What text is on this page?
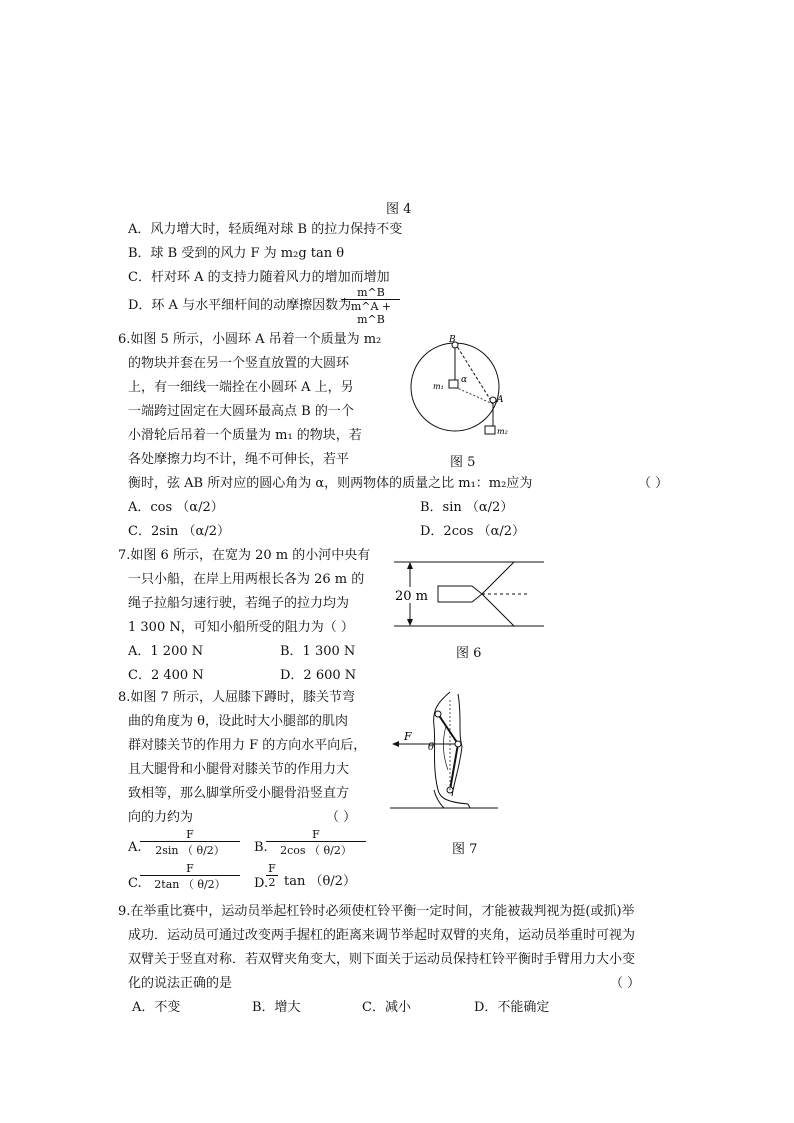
图 4
A．风力增大时，轻质绳对球 B 的拉力保持不变
B．球 B 受到的风力 F 为 m₂g tan θ
C．杆对环 A 的支持力随着风力的增加而增加
D．环 A 与水平细杆间的动摩擦因数为
$\frac{m\^{}B}{m\^{}A + m\^{}B}$
6.如图 5 所示，小圆环 A 吊着一个质量为 m₂
的物块并套在另一个竖直放置的大圆环
上，有一细线一端拴在小圆环 A 上，另
一端跨过固定在大圆环最高点 B 的一个
小滑轮后吊着一个质量为 m₁ 的物块，若
各处摩擦力均不计，绳不可伸长，若平
衡时，弦 AB 所对应的圆心角为 α，则两物体的质量之比 m₁：m₂应为	（ ）
A．cos （α/2）	B．sin （α/2）
C．2sin （α/2）	D．2cos （α/2）
B
A
α
m₁
m₂
图 5
7.如图 6 所示，在宽为 20 m 的小河中央有
一只小船，在岸上用两根长各为 26 m 的
绳子拉船匀速行驶，若绳子的拉力均为
1 300 N，可知小船所受的阻力为（ ）
A．1 200 N	B．1 300 N
C．2 400 N	D．2 600 N
20 m
图 6
8.如图 7 所示，人屈膝下蹲时，膝关节弯
曲的角度为 θ，设此时大小腿部的肌肉
群对膝关节的作用力 F 的方向水平向后，
且大腿骨和小腿骨对膝关节的作用力大
致相等，那么脚掌所受小腿骨沿竖直方
向的力约为	（ ）
A.
$\frac{F}{2\sin ( \theta/2)} B$.
$\frac{F}{2\cos ( \theta/2)}$
C.
$\frac{F}{2\tan ( \theta/2)} D$.
$\frac{F}{2}$ tan （θ/2）
F
θ
图 7
9.在举重比赛中，运动员举起杠铃时必须使杠铃平衡一定时间，才能被裁判视为挺(或抓)举
成功．运动员可通过改变两手握杠的距离来调节举起时双臂的夹角，运动员举重时可视为
双臂关于竖直对称．若双臂夹角变大，则下面关于运动员保持杠铃平衡时手臂用力大小变
化的说法正确的是	（ ）
A．不变	B．增大	C．减小	D．不能确定
